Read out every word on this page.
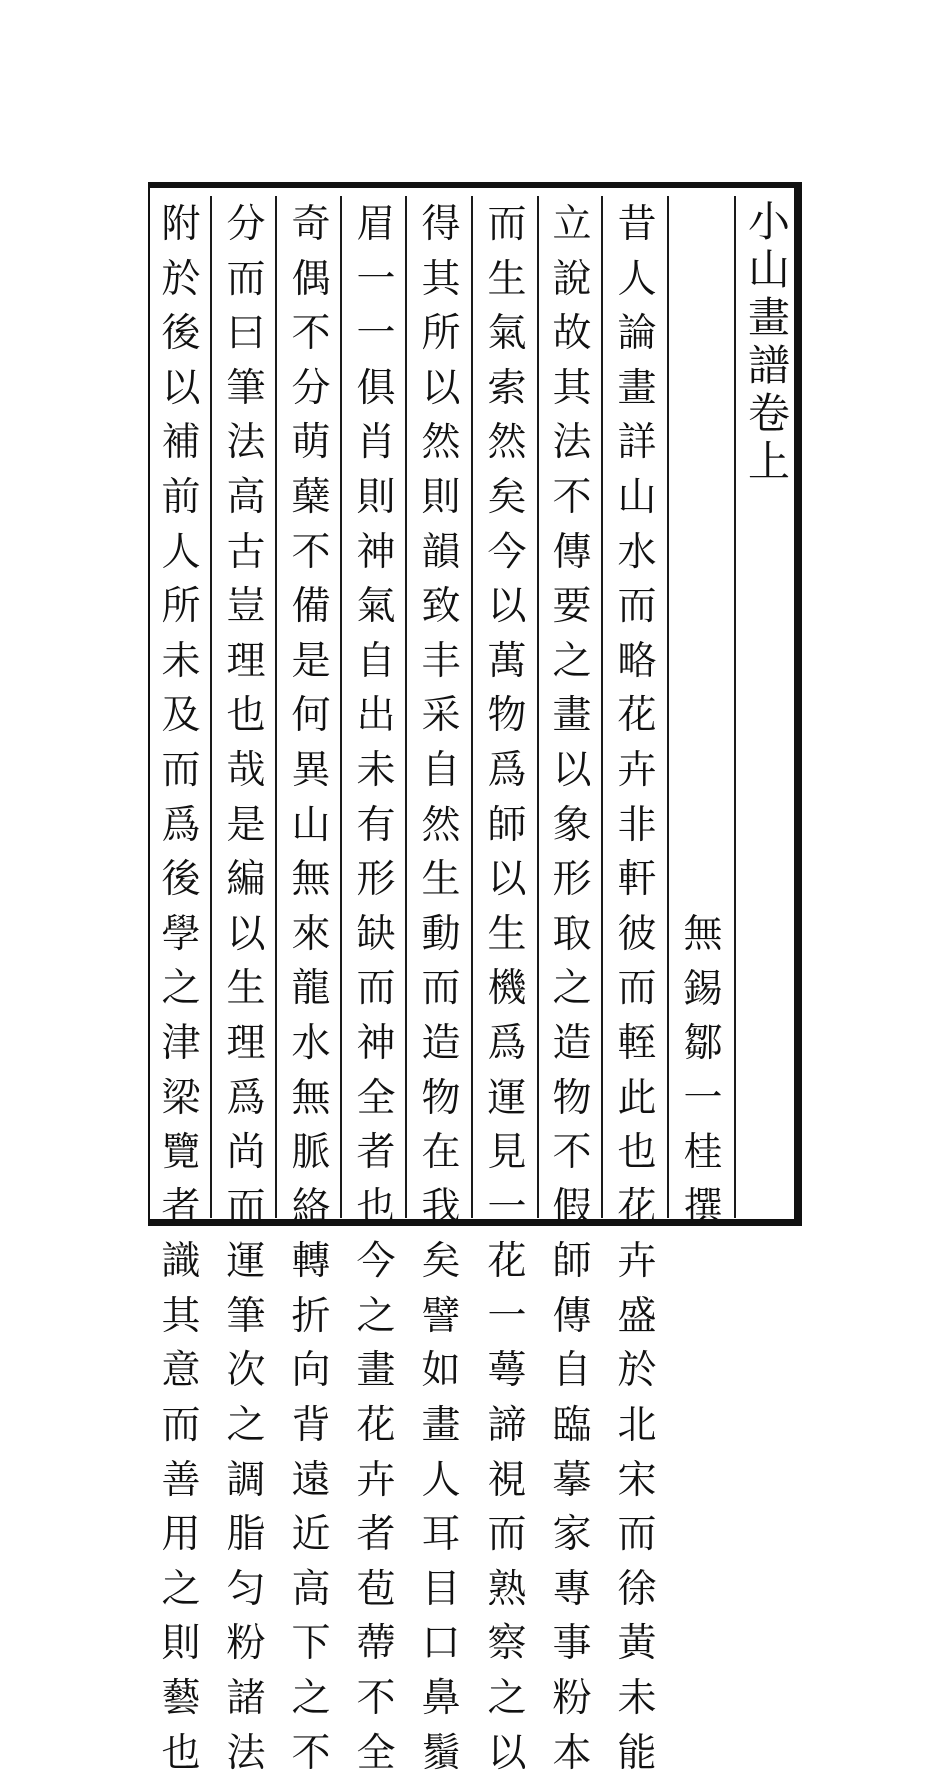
小山畫譜卷上
無錫鄒一桂撰
昔人論畫詳山水而略花卉非軒彼而輊此也花卉盛於北宋而徐黃未能
立說故其法不傳要之畫以象形取之造物不假師傳自臨摹家專事粉本
而生氣索然矣今以萬物爲師以生機爲運見一花一蕚諦視而熟察之以
得其所以然則韻致丰采自然生動而造物在我矣譬如畫人耳目口鼻鬚
眉一一俱肖則神氣自出未有形缺而神全者也今之畫花卉者苞蔕不全
奇偶不分萌蘖不備是何異山無來龍水無脈絡轉折向背遠近高下之不
分而曰筆法高古豈理也哉是編以生理爲尚而運筆次之調脂匀粉諸法
附於後以補前人所未及而爲後學之津梁覽者識其意而善用之則藝也
